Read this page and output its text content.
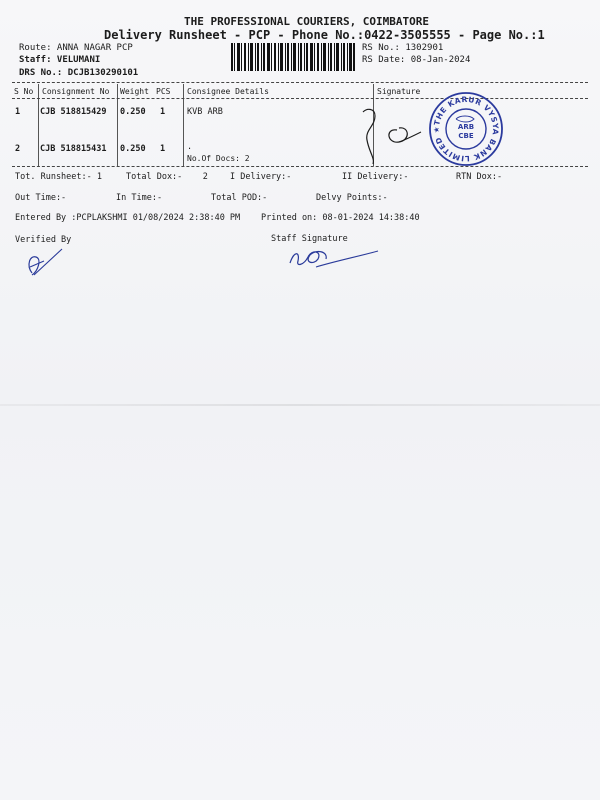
THE PROFESSIONAL COURIERS, COIMBATORE
Delivery Runsheet - PCP - Phone No.:0422-3505555 - Page No.:1
Route: ANNA NAGAR PCP
Staff: VELUMANI
DRS No.: DCJB130290101
RS No.: 1302901
RS Date: 08-Jan-2024
S No Consignment No Weight PCS Consignee Details	Signature
1 CJB 518815429 0.250 1	KVB ARB
2 CJB 518815431 0.250 1	.
No.Of Docs: 2
THE KARUR VYSYA BANK LIMITED ★	ARB
CBE
Tot. Runsheet:- 1	Total Dox:-    2	I Delivery:-	II Delivery:-	RTN Dox:-
Out Time:-	In Time:-	Total POD:-	Delvy Points:-
Entered By :PCPLAKSHMI 01/08/2024 2:38:40 PM Printed on: 08-01-2024 14:38:40
Verified By	Staff Signature
